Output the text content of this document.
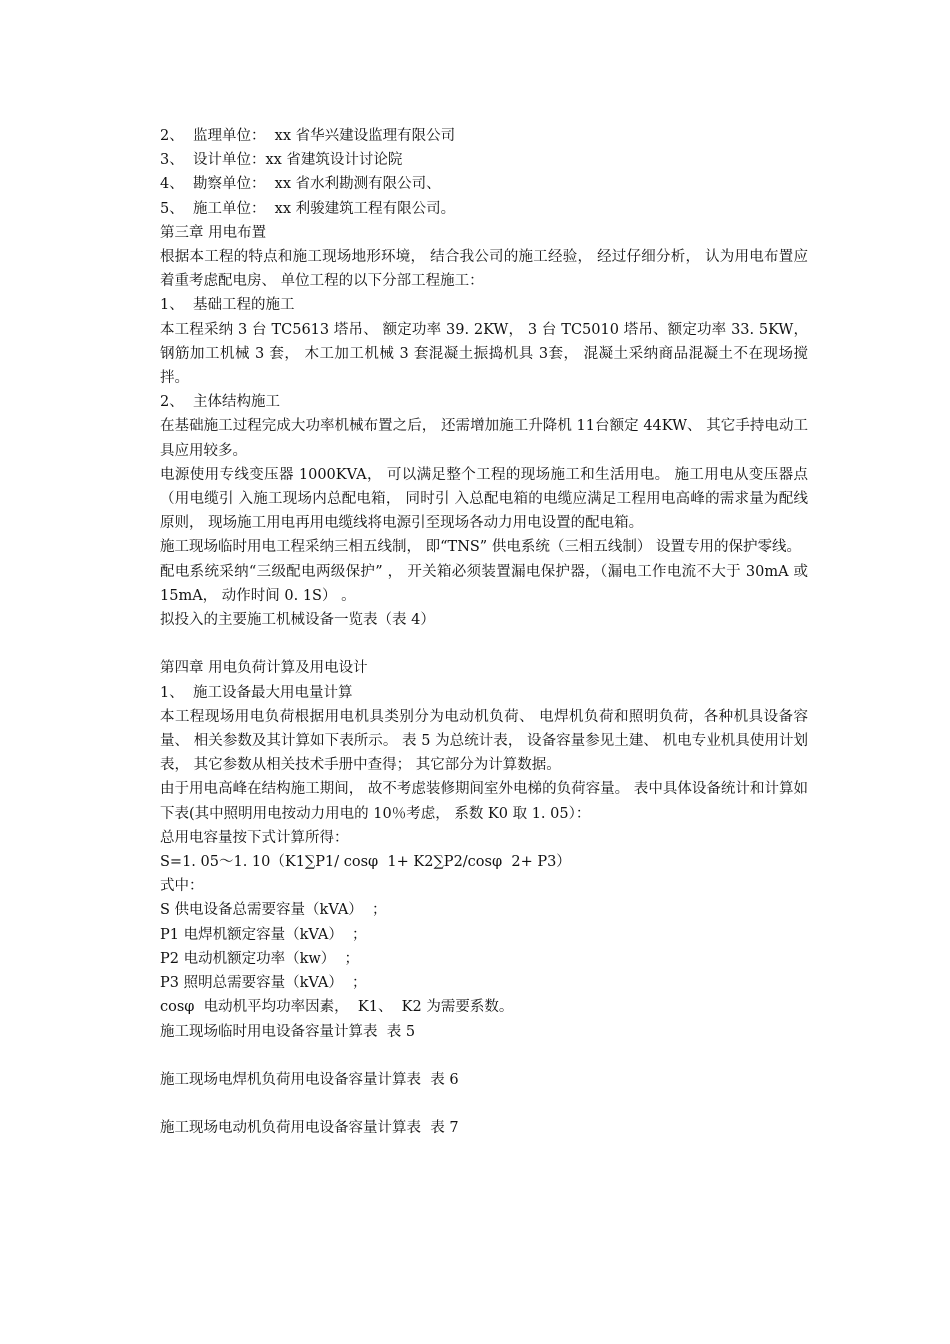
2、  监理单位：  xx 省华兴建设监理有限公司
3、  设计单位：xx 省建筑设计讨论院
4、  勘察单位：  xx 省水利勘测有限公司、
5、  施工单位：  xx 利骏建筑工程有限公司。
第三章 用电布置
根据本工程的特点和施工现场地形环境， 结合我公司的施工经验， 经过仔细分析， 认为用电布置应着重考虑配电房、 单位工程的以下分部工程施工：
1、  基础工程的施工
本工程采纳 3 台 TC5613 塔吊、 额定功率 39. 2KW， 3 台 TC5010 塔吊、额定功率 33. 5KW， 钢筋加工机械 3 套， 木工加工机械 3 套混凝土振捣机具 3套， 混凝土采纳商品混凝土不在现场搅拌。
2、  主体结构施工
在基础施工过程完成大功率机械布置之后， 还需增加施工升降机 11台额定 44KW、 其它手持电动工具应用较多。
电源使用专线变压器 1000KVA， 可以满足整个工程的现场施工和生活用电。 施工用电从变压器点（用电缆引 入施工现场内总配电箱， 同时引 入总配电箱的电缆应满足工程用电高峰的需求量为配线原则， 现场施工用电再用电缆线将电源引至现场各动力用电设置的配电箱。
施工现场临时用电工程采纳三相五线制， 即“TNS” 供电系统（三相五线制） 设置专用的保护零线。
配电系统采纳“三级配电两级保护” ， 开关箱必须装置漏电保护器，（漏电工作电流不大于 30mA 或 15mA， 动作时间 0. 1S） 。
拟投入的主要施工机械设备一览表（表 4）
第四章 用电负荷计算及用电设计
1、  施工设备最大用电量计算
本工程现场用电负荷根据用电机具类别分为电动机负荷、 电焊机负荷和照明负荷，各种机具设备容量、 相关参数及其计算如下表所示。 表 5 为总统计表， 设备容量参见土建、 机电专业机具使用计划表， 其它参数从相关技术手册中查得； 其它部分为计算数据。
由于用电高峰在结构施工期间， 故不考虑装修期间室外电梯的负荷容量。 表中具体设备统计和计算如下表(其中照明用电按动力用电的 10％考虑， 系数 K0 取 1. 05）：
总用电容量按下式计算所得：
S=1. 05～1. 10（K1∑P1/ cosφ  1+ K2∑P2/cosφ  2+ P3）
式中：
S 供电设备总需要容量（kVA）  ；
P1 电焊机额定容量（kVA）  ；
P2 电动机额定功率（kw）  ；
P3 照明总需要容量（kVA）  ；
cosφ  电动机平均功率因素，  K1、  K2 为需要系数。
施工现场临时用电设备容量计算表  表 5
施工现场电焊机负荷用电设备容量计算表  表 6
施工现场电动机负荷用电设备容量计算表  表 7
